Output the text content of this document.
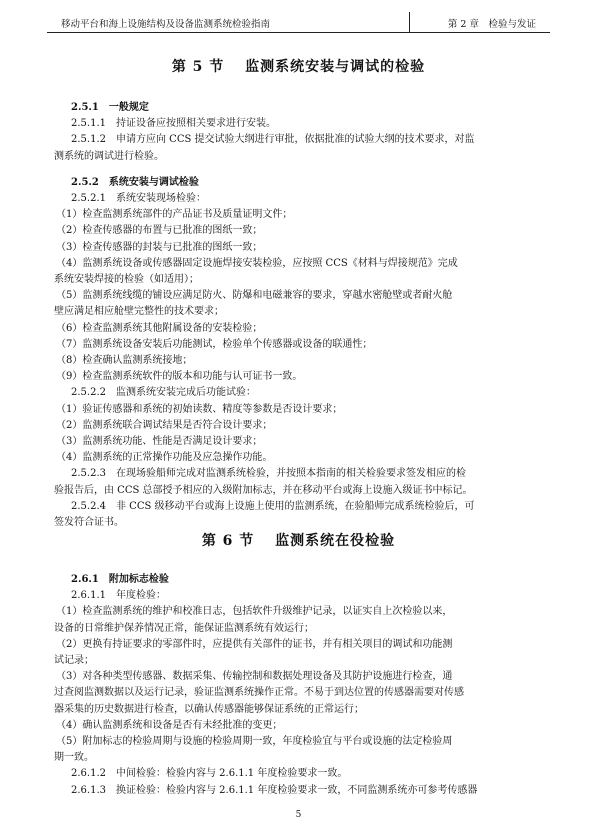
移动平台和海上设施结构及设备监测系统检验指南	第 2 章　检验与发证
第 5 节　 监测系统安装与调试的检验
2.5.1　一般规定
2.5.1.1　持证设备应按照相关要求进行安装。
2.5.1.2　申请方应向 CCS 提交试验大纲进行审批，依据批准的试验大纲的技术要求，对监
测系统的调试进行检验。
2.5.2　系统安装与调试检验
2.5.2.1　系统安装现场检验：
（1）检查监测系统部件的产品证书及质量证明文件；
（2）检查传感器的布置与已批准的图纸一致；
（3）检查传感器的封装与已批准的图纸一致；
（4）监测系统设备或传感器固定设施焊接安装检验，应按照 CCS《材料与焊接规范》完成
系统安装焊接的检验（如适用）；
（5）监测系统线缆的铺设应满足防火、防爆和电磁兼容的要求，穿越水密舱壁或者耐火舱
壁应满足相应舱壁完整性的技术要求；
（6）检查监测系统其他附属设备的安装检验；
（7）监测系统设备安装后功能测试，检验单个传感器或设备的联通性；
（8）检查确认监测系统接地；
（9）检查监测系统软件的版本和功能与认可证书一致。
2.5.2.2　监测系统安装完成后功能试验：
（1）验证传感器和系统的初始读数、精度等参数是否设计要求；
（2）监测系统联合调试结果是否符合设计要求；
（3）监测系统功能、性能是否满足设计要求；
（4）监测系统的正常操作功能及应急操作功能。
2.5.2.3　在现场验船师完成对监测系统检验，并按照本指南的相关检验要求签发相应的检
验报告后，由 CCS 总部授予相应的入级附加标志，并在移动平台或海上设施入级证书中标记。
2.5.2.4　非 CCS 级移动平台或海上设施上使用的监测系统，在验船师完成系统检验后，可
签发符合证书。
第 6 节　 监测系统在役检验
2.6.1　附加标志检验
2.6.1.1　年度检验：
（1）检查监测系统的维护和校准日志，包括软件升级维护记录，以证实自上次检验以来，
设备的日常维护保养情况正常，能保证监测系统有效运行；
（2）更换有持证要求的零部件时，应提供有关部件的证书，并有相关项目的调试和功能测
试记录；
（3）对各种类型传感器、数据采集、传输控制和数据处理设备及其防护设施进行检查，通
过查阅监测数据以及运行记录，验证监测系统操作正常。不易于到达位置的传感器需要对传感
器采集的历史数据进行检查，以确认传感器能够保证系统的正常运行；
（4）确认监测系统和设备是否有未经批准的变更；
（5）附加标志的检验周期与设施的检验周期一致，年度检验宜与平台或设施的法定检验周
期一致。
2.6.1.2　中间检验：检验内容与 2.6.1.1 年度检验要求一致。
2.6.1.3　换证检验：检验内容与 2.6.1.1 年度检验要求一致，不同监测系统亦可参考传感器
5
